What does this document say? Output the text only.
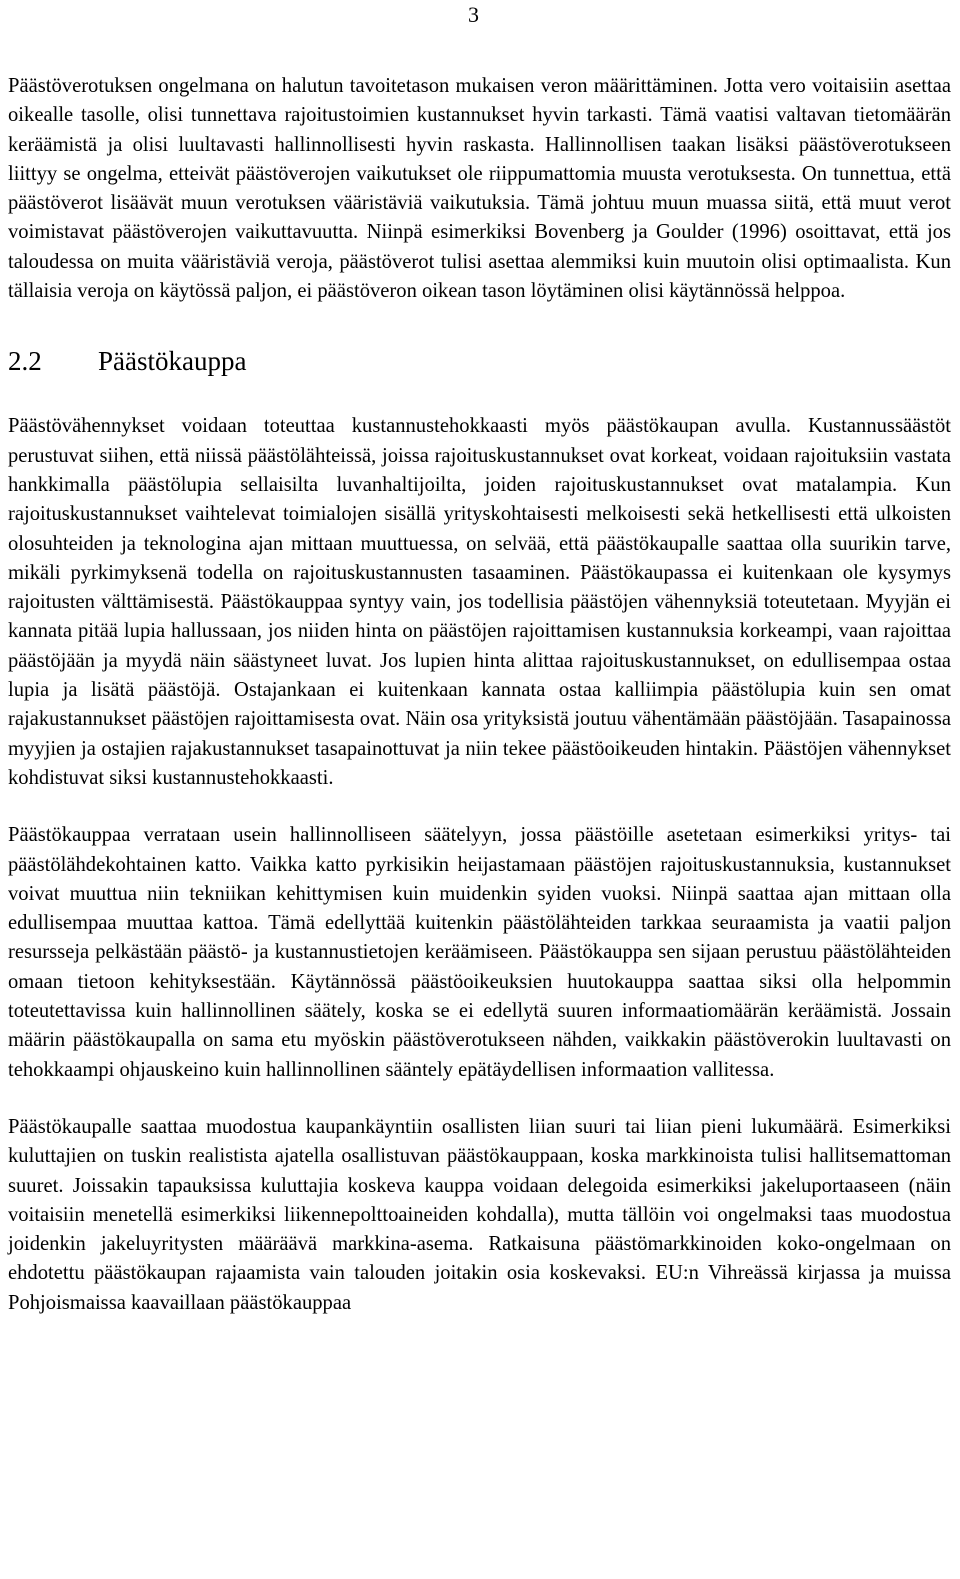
3

Päästöverotuksen ongelmana on halutun tavoitetason mukaisen veron määrittäminen. Jotta vero voitaisiin asettaa oikealle tasolle, olisi tunnettava rajoitustoimien kustannukset hyvin tarkasti. Tämä vaatisi valtavan tietomäärän keräämistä ja olisi luultavasti hallinnollisesti hyvin raskasta. Hallinnollisen taakan lisäksi päästöverotukseen liittyy se ongelma, etteivät päästöverojen vaikutukset ole riippumattomia muusta verotuksesta. On tunnettua, että päästöverot lisäävät muun verotuksen vääristäviä vaikutuksia. Tämä johtuu muun muassa siitä, että muut verot voimistavat päästöverojen vaikuttavuutta. Niinpä esimerkiksi Bovenberg ja Goulder (1996) osoittavat, että jos taloudessa on muita vääristäviä veroja, päästöverot tulisi asettaa alemmiksi kuin muutoin olisi optimaalista. Kun tällaisia veroja on käytössä paljon, ei päästöveron oikean tason löytäminen olisi käytännössä helppoa.

2.2	Päästökauppa

Päästövähennykset voidaan toteuttaa kustannustehokkaasti myös päästökaupan avulla. Kustannussäästöt perustuvat siihen, että niissä päästölähteissä, joissa rajoituskustannukset ovat korkeat, voidaan rajoituksiin vastata hankkimalla päästölupia sellaisilta luvanhaltijoilta, joiden rajoituskustannukset ovat matalampia. Kun rajoituskustannukset vaihtelevat toimialojen sisällä yrityskohtaisesti melkoisesti sekä hetkellisesti että ulkoisten olosuhteiden ja teknologina ajan mittaan muuttuessa, on selvää, että päästökaupalle saattaa olla suurikin tarve, mikäli pyrkimyksenä todella on rajoituskustannusten tasaaminen. Päästökaupassa ei kuitenkaan ole kysymys rajoitusten välttämisestä. Päästökauppaa syntyy vain, jos todellisia päästöjen vähennyksiä toteutetaan. Myyjän ei kannata pitää lupia hallussaan, jos niiden hinta on päästöjen rajoittamisen kustannuksia korkeampi, vaan rajoittaa päästöjään ja myydä näin säästyneet luvat. Jos lupien hinta alittaa rajoituskustannukset, on edullisempaa ostaa lupia ja lisätä päästöjä. Ostajankaan ei kuitenkaan kannata ostaa kalliimpia päästölupia kuin sen omat rajakustannukset päästöjen rajoittamisesta ovat. Näin osa yrityksistä joutuu vähentämään päästöjään. Tasapainossa myyjien ja ostajien rajakustannukset tasapainottuvat ja niin tekee päästöoikeuden hintakin. Päästöjen vähennykset kohdistuvat siksi kustannustehokkaasti.

Päästökauppaa verrataan usein hallinnolliseen säätelyyn, jossa päästöille asetetaan esimerkiksi yritys- tai päästölähdekohtainen katto. Vaikka katto pyrkisikin heijastamaan päästöjen rajoituskustannuksia, kustannukset voivat muuttua niin tekniikan kehittymisen kuin muidenkin syiden vuoksi. Niinpä saattaa ajan mittaan olla edullisempaa muuttaa kattoa. Tämä edellyttää kuitenkin päästölähteiden tarkkaa seuraamista ja vaatii paljon resursseja pelkästään päästö- ja kustannustietojen keräämiseen. Päästökauppa sen sijaan perustuu päästölähteiden omaan tietoon kehityksestään. Käytännössä päästöoikeuksien huutokauppa saattaa siksi olla helpommin toteutettavissa kuin hallinnollinen säätely, koska se ei edellytä suuren informaatiomäärän keräämistä. Jossain määrin päästökaupalla on sama etu myöskin päästöverotukseen nähden, vaikkakin päästöverokin luultavasti on tehokkaampi ohjauskeino kuin hallinnollinen sääntely epätäydellisen informaation vallitessa.

Päästökaupalle saattaa muodostua kaupankäyntiin osallisten liian suuri tai liian pieni lukumäärä. Esimerkiksi kuluttajien on tuskin realistista ajatella osallistuvan päästökauppaan, koska markkinoista tulisi hallitsemattoman suuret. Joissakin tapauksissa kuluttajia koskeva kauppa voidaan delegoida esimerkiksi jakeluportaaseen (näin voitaisiin menetellä esimerkiksi liikennepolttoaineiden kohdalla), mutta tällöin voi ongelmaksi taas muodostua joidenkin jakeluyritysten määräävä markkina-asema. Ratkaisuna päästömarkkinoiden koko-ongelmaan on ehdotettu päästökaupan rajaamista vain talouden joitakin osia koskevaksi. EU:n Vihreässä kirjassa ja muissa Pohjoismaissa kaavaillaan päästökauppaa
